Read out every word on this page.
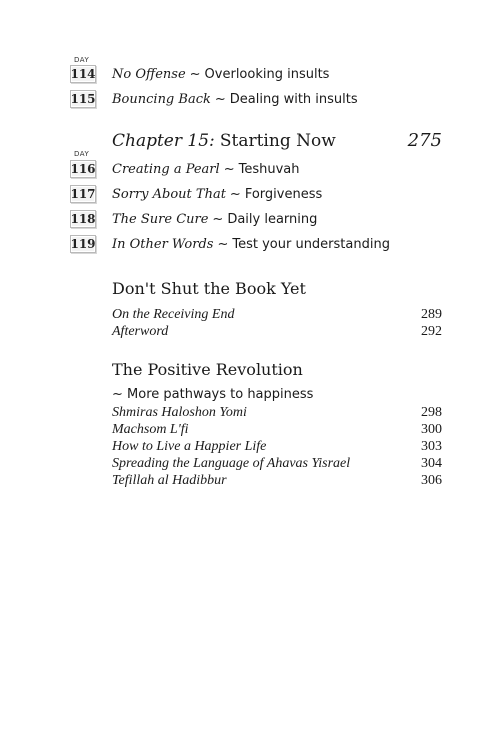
DAY
114 No Offense ~ Overlooking insults
115 Bouncing Back ~ Dealing with insults
Chapter 15: Starting Now	275
DAY
116 Creating a Pearl ~ Teshuvah
117 Sorry About That ~ Forgiveness
118 The Sure Cure ~ Daily learning
119 In Other Words ~ Test your understanding
Don't Shut the Book Yet
On the Receiving End	289
Afterword	292
The Positive Revolution
~ More pathways to happiness
Shmiras Haloshon Yomi	298
Machsom L'fi	300
How to Live a Happier Life	303
Spreading the Language of Ahavas Yisrael	304
Tefillah al Hadibbur	306
